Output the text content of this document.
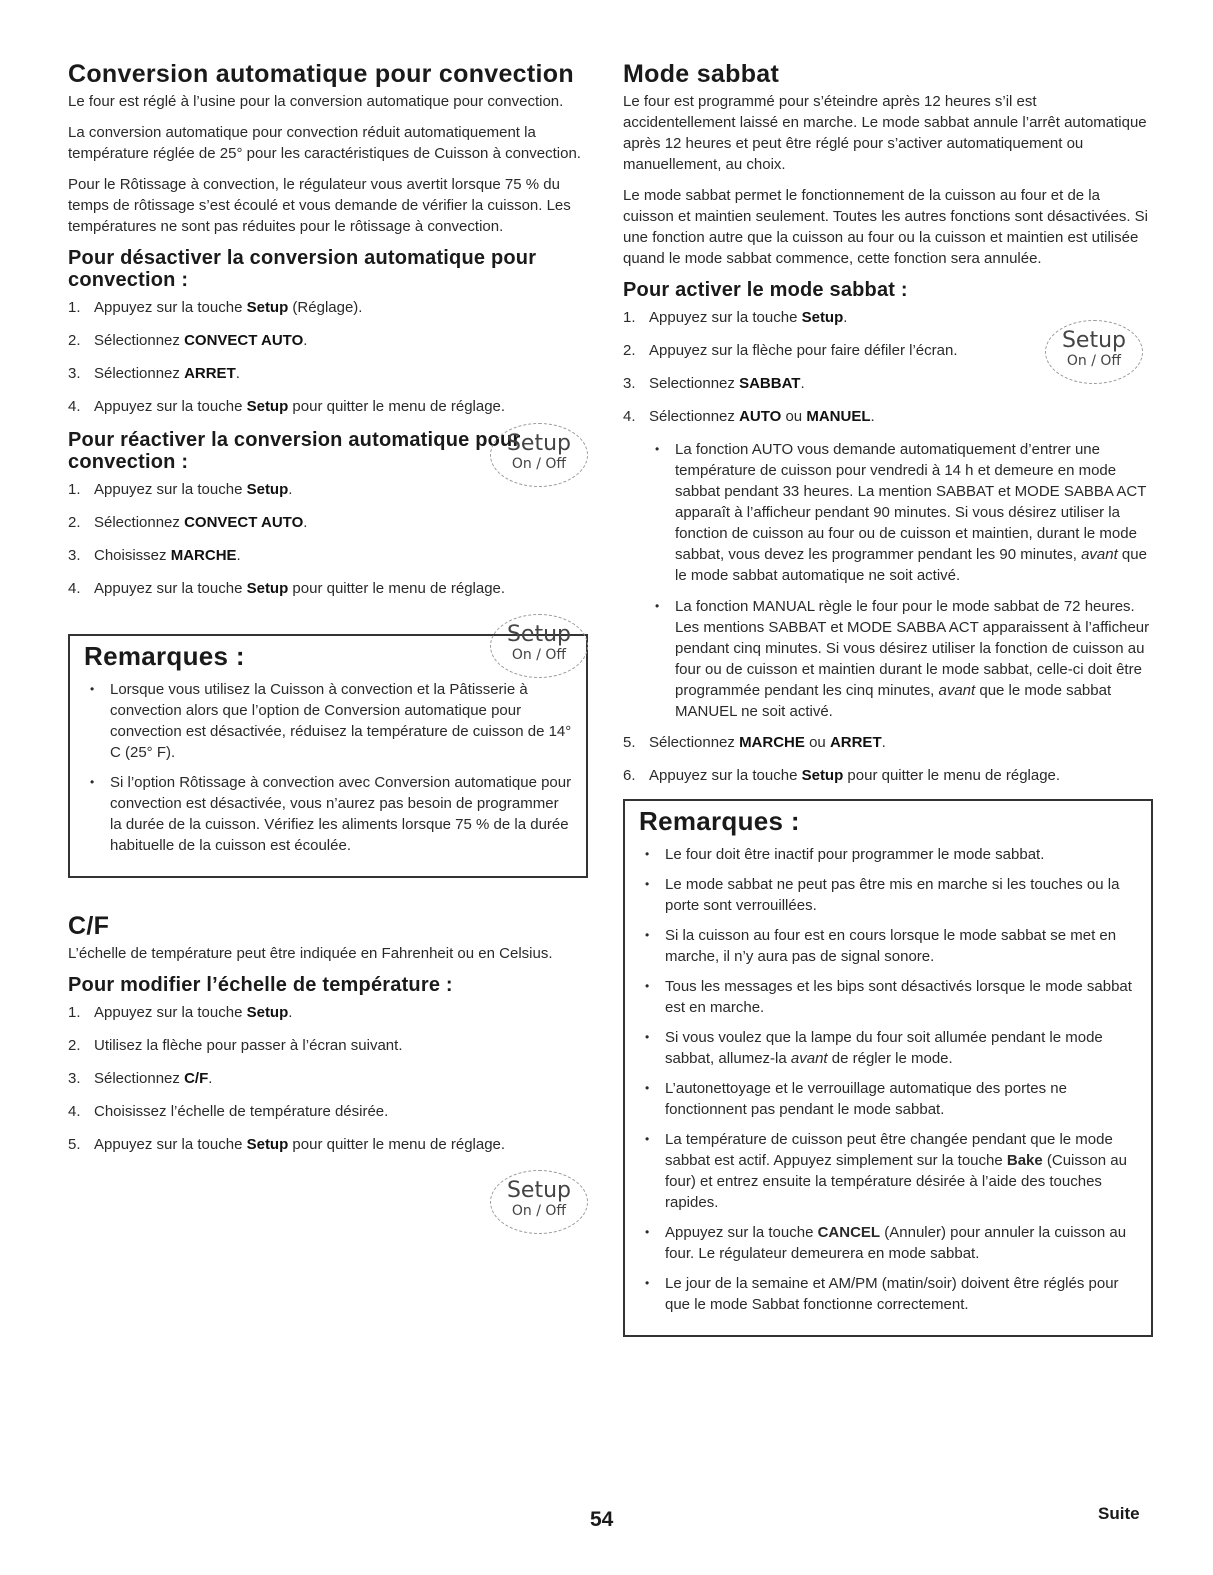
Conversion automatique pour convection

Le four est réglé à l’usine pour la conversion automatique pour convection.

La conversion automatique pour convection réduit automatiquement la température réglée de 25° pour les caractéristiques de Cuisson à convection.

Pour le Rôtissage à convection, le régulateur vous avertit lorsque 75 % du temps de rôtissage s’est écoulé et vous demande de vérifier la cuisson. Les températures ne sont pas réduites pour le rôtissage à convection.

Pour désactiver la conversion automatique pour convection :
1. Appuyez sur la touche Setup (Réglage).
2. Sélectionnez CONVECT AUTO.
3. Sélectionnez ARRET.
4. Appuyez sur la touche Setup pour quitter le menu de réglage.
Pour réactiver la conversion automatique pour convection :
1. Appuyez sur la touche Setup.
2. Sélectionnez CONVECT AUTO.
3. Choisissez MARCHE.
4. Appuyez sur la touche Setup pour quitter le menu de réglage.
Remarques :
• Lorsque vous utilisez la Cuisson à convection et la Pâtisserie à convection alors que l’option de Conversion automatique pour convection est désactivée, réduisez la température de cuisson de 14° C (25° F).
• Si l’option Rôtissage à convection avec Conversion automatique pour convection est désactivée, vous n’aurez pas besoin de programmer la durée de la cuisson. Vérifiez les aliments lorsque 75 % de la durée habituelle de la cuisson est écoulée.
C/F

L’échelle de température peut être indiquée en Fahrenheit ou en Celsius.

Pour modifier l’échelle de température :
1. Appuyez sur la touche Setup.
2. Utilisez la flèche pour passer à l’écran suivant.
3. Sélectionnez C/F.
4. Choisissez l’échelle de température désirée.
5. Appuyez sur la touche Setup pour quitter le menu de réglage.
Setup
On / Off
Setup
On / Off
Setup
On / Off
Mode sabbat

Le four est programmé pour s’éteindre après 12 heures s’il est accidentellement laissé en marche. Le mode sabbat annule l’arrêt automatique après 12 heures et peut être réglé pour s’activer automatiquement ou manuellement, au choix.

Le mode sabbat permet le fonctionnement de la cuisson au four et de la cuisson et maintien seulement. Toutes les autres fonctions sont désactivées. Si une fonction autre que la cuisson au four ou la cuisson et maintien est utilisée quand le mode sabbat commence, cette fonction sera annulée.

Pour activer le mode sabbat :
1. Appuyez sur la touche Setup.
2. Appuyez sur la flèche pour faire défiler l’écran.
3. Selectionnez SABBAT.
4. Sélectionnez AUTO ou MANUEL.
• La fonction AUTO vous demande automatiquement d’entrer une température de cuisson pour vendredi à 14 h et demeure en mode sabbat pendant 33 heures. La mention SABBAT et MODE SABBA ACT apparaît à l’afficheur pendant 90 minutes. Si vous désirez utiliser la fonction de cuisson au four ou de cuisson et maintien, durant le mode sabbat, vous devez les programmer pendant les 90 minutes, avant que le mode sabbat automatique ne soit activé.
• La fonction MANUAL règle le four pour le mode sabbat de 72 heures. Les mentions SABBAT et MODE SABBA ACT apparaissent à l’afficheur pendant cinq minutes. Si vous désirez utiliser la fonction de cuisson au four ou de cuisson et maintien durant le mode sabbat, celle-ci doit être programmée pendant les cinq minutes, avant que le mode sabbat MANUEL ne soit activé.
5. Sélectionnez MARCHE ou ARRET.
6. Appuyez sur la touche Setup pour quitter le menu de réglage.
Remarques :
• Le four doit être inactif pour programmer le mode sabbat.
• Le mode sabbat ne peut pas être mis en marche si les touches ou la porte sont verrouillées.
• Si la cuisson au four est en cours lorsque le mode sabbat se met en marche, il n’y aura pas de signal sonore.
• Tous les messages et les bips sont désactivés lorsque le mode sabbat est en marche.
• Si vous voulez que la lampe du four soit allumée pendant le mode sabbat, allumez-la avant de régler le mode.
• L’autonettoyage et le verrouillage automatique des portes ne fonctionnent pas pendant le mode sabbat.
• La température de cuisson peut être changée pendant que le mode sabbat est actif. Appuyez simplement sur la touche Bake (Cuisson au four) et entrez ensuite la température désirée à l’aide des touches rapides.
• Appuyez sur la touche CANCEL (Annuler) pour annuler la cuisson au four. Le régulateur demeurera en mode sabbat.
• Le jour de la semaine et AM/PM (matin/soir) doivent être réglés pour que le mode Sabbat fonctionne correctement.
Setup
On / Off
54	Suite
